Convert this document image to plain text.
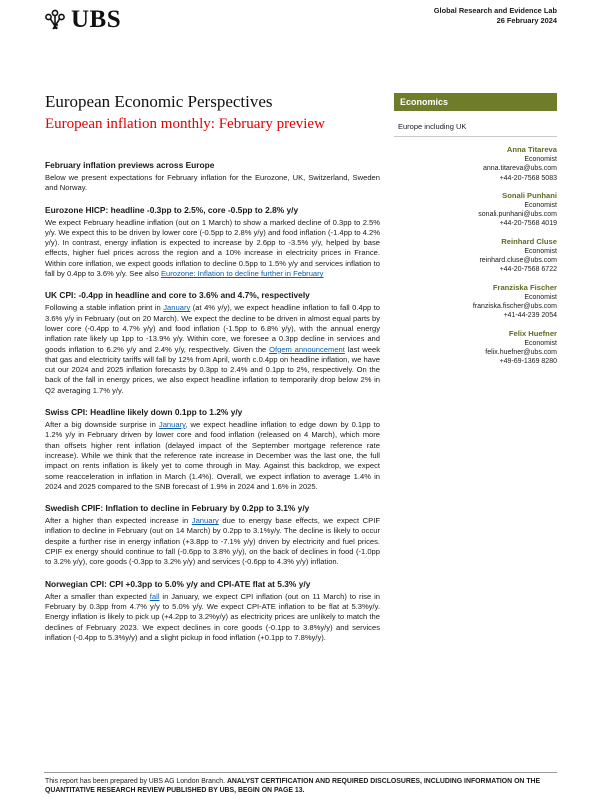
UBS	Global Research and Evidence Lab
26 February 2024
European Economic Perspectives
European inflation monthly: February preview
February inflation previews across Europe

Below we present expectations for February inflation for the Eurozone, UK, Switzerland, Sweden and Norway.

Eurozone HICP: headline -0.3pp to 2.5%, core -0.5pp to 2.8% y/y

We expect February headline inflation (out on 1 March) to show a marked decline of 0.3pp to 2.5% y/y. We expect this to be driven by lower core (-0.5pp to 2.8% y/y) and food inflation (-1.4pp to 4.2% y/y). In contrast, energy inflation is expected to increase by 2.6pp to -3.5% y/y, helped by base effects, higher fuel prices across the region and a 10% increase in electricity prices in France. Within core inflation, we expect goods inflation to decline 0.5pp to 1.5% y/y and services inflation to fall by 0.4pp to 3.6% y/y. See also Eurozone: Inflation to decline further in February

UK CPI: -0.4pp in headline and core to 3.6% and 4.7%, respectively

Following a stable inflation print in January (at 4% y/y), we expect headline inflation to fall 0.4pp to 3.6% y/y in February (out on 20 March). We expect the decline to be driven in almost equal parts by lower core (-0.4pp to 4.7% y/y) and food inflation (-1.5pp to 6.8% y/y), with the annual energy inflation rate likely up 1pp to -13.9% y/y. Within core, we foresee a 0.3pp decline in services and goods inflation to 6.2% y/y and 2.4% y/y, respectively. Given the Ofgem announcement last week that gas and electricity tariffs will fall by 12% from April, worth c.0.4pp on headline inflation, we have cut our 2024 and 2025 inflation forecasts by 0.3pp to 2.4% and 0.1pp to 2%, respectively. On the back of the fall in energy prices, we also expect headline inflation to temporarily drop below 2% in Q2 averaging 1.7% y/y.

Swiss CPI: Headline likely down 0.1pp to 1.2% y/y

After a big downside surprise in January, we expect headline inflation to edge down by 0.1pp to 1.2% y/y in February driven by lower core and food inflation (released on 4 March), which more than offsets higher rent inflation (delayed impact of the September mortgage reference rate increase). While we think that the reference rate increase in December was the last one, the full impact on rents inflation is likely yet to come through in May. Against this backdrop, we expect some reacceleration in inflation in March (1.4%). Overall, we expect inflation to average 1.4% in 2024 and 2025 compared to the SNB forecast of 1.9% in 2024 and 1.6% in 2025.

Swedish CPIF: Inflation to decline in February by 0.2pp to 3.1% y/y

After a higher than expected increase in January due to energy base effects, we expect CPIF inflation to decline in February (out on 14 March) by 0.2pp to 3.1%y/y. The decline is likely to occur despite a further rise in energy inflation (+3.8pp to -7.1% y/y) driven by electricity and fuel prices. CPIF ex energy should continue to fall (-0.6pp to 3.8% y/y), on the back of declines in food (-1.0pp to 3.2% y/y), core goods (-0.3pp to 3.2% y/y) and services (-0.6pp to 4.3% y/y) inflation.

Norwegian CPI: CPI +0.3pp to 5.0% y/y and CPI-ATE flat at 5.3% y/y

After a smaller than expected fall in January, we expect CPI inflation (out on 11 March) to rise in February by 0.3pp from 4.7% y/y to 5.0% y/y. We expect CPI-ATE inflation to be flat at 5.3%y/y. Energy inflation is likely to pick up (+4.2pp to 3.2%y/y) as electricity prices are unlikely to match the declines of February 2023. We expect declines in core goods (-0.1pp to 3.8%y/y) and services inflation (-0.4pp to 5.3%y/y) and a slight pickup in food inflation (+0.1pp to 7.8%y/y).

Economics
Europe including UK
Anna Titareva
Economist
anna.titareva@ubs.com
+44-20-7568 5083
Sonali Punhani
Economist
sonali.punhani@ubs.com
+44-20-7568 4019
Reinhard Cluse
Economist
reinhard.cluse@ubs.com
+44-20-7568 6722
Franziska Fischer
Economist
franziska.fischer@ubs.com
+41-44-239 2054
Felix Huefner
Economist
felix.huefner@ubs.com
+49-69-1369 8280
This report has been prepared by UBS AG London Branch. ANALYST CERTIFICATION AND REQUIRED DISCLOSURES, INCLUDING INFORMATION ON THE QUANTITATIVE RESEARCH REVIEW PUBLISHED BY UBS, BEGIN ON PAGE 13.
